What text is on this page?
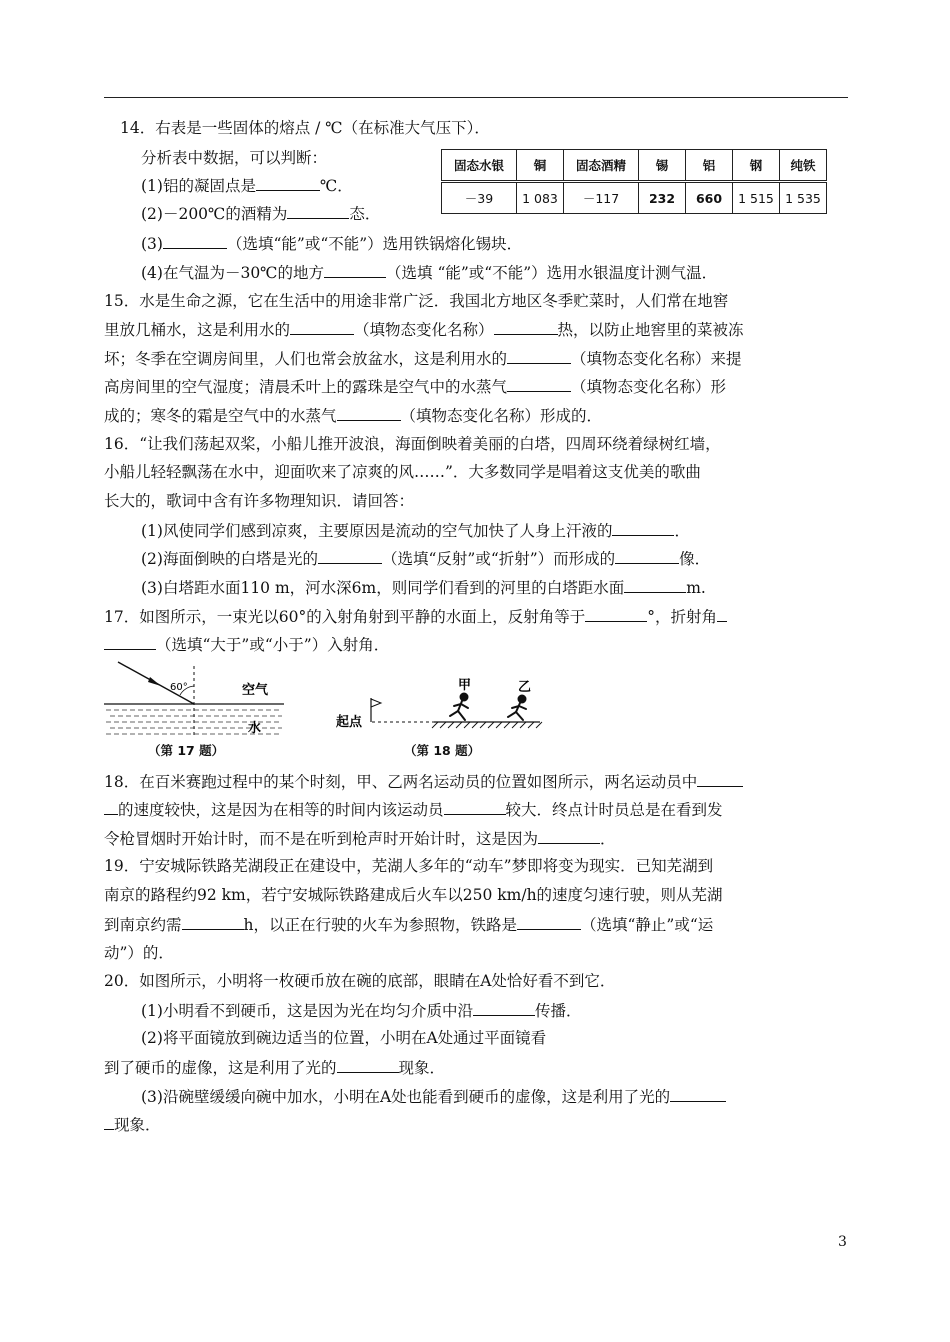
14．右表是一些固体的熔点 / ℃（在标准大气压下）．
分析表中数据，可以判断：
(1)铝的凝固点是	℃．
(2)－200℃的酒精为	态．
(3)	（选填“能”或“不能”）选用铁锅熔化锡块．
(4)在气温为－30℃的地方	（选填 “能”或“不能”）选用水银温度计测气温．
固态水银	铜	固态酒精	锡	铝	钢	纯铁
－39	1 083	－117	232	660	1 515	1 535
15．水是生命之源，它在生活中的用途非常广泛．我国北方地区冬季贮菜时，人们常在地窖
里放几桶水，这是利用水的	（填物态变化名称）	热，以防止地窖里的菜被冻
坏；冬季在空调房间里，人们也常会放盆水，这是利用水的	（填物态变化名称）来提
高房间里的空气湿度；清晨禾叶上的露珠是空气中的水蒸气	（填物态变化名称）形
成的；寒冬的霜是空气中的水蒸气	（填物态变化名称）形成的．
16．“让我们荡起双桨，小船儿推开波浪，海面倒映着美丽的白塔，四周环绕着绿树红墙，
小船儿轻轻飘荡在水中，迎面吹来了凉爽的风……”．大多数同学是唱着这支优美的歌曲
长大的，歌词中含有许多物理知识．请回答：
(1)风使同学们感到凉爽，主要原因是流动的空气加快了人身上汗液的	．
(2)海面倒映的白塔是光的	（选填“反射”或“折射”）而形成的	像．
(3)白塔距水面110 m，河水深6m，则同学们看到的河里的白塔距水面	m.
17．如图所示，一束光以60°的入射角射到平静的水面上，反射角等于	°，折射角
（选填“大于”或“小于”）入射角．
60°	空气
水
（第 17 题）
起点
甲	乙
（第 18 题）
18．在百米赛跑过程中的某个时刻，甲、乙两名运动员的位置如图所示，两名运动员中
的速度较快，这是因为在相等的时间内该运动员	较大．终点计时员总是在看到发
令枪冒烟时开始计时，而不是在听到枪声时开始计时，这是因为	．
19．宁安城际铁路芜湖段正在建设中，芜湖人多年的“动车”梦即将变为现实．已知芜湖到
南京的路程约92 km，若宁安城际铁路建成后火车以250 km/h的速度匀速行驶，则从芜湖
到南京约需	h，以正在行驶的火车为参照物，铁路是	（选填“静止”或“运
动”）的．
20．如图所示，小明将一枚硬币放在碗的底部，眼睛在A处恰好看不到它．
(1)小明看不到硬币，这是因为光在均匀介质中沿	传播．
(2)将平面镜放到碗边适当的位置，小明在A处通过平面镜看
到了硬币的虚像，这是利用了光的	现象．
(3)沿碗壁缓缓向碗中加水，小明在A处也能看到硬币的虚像，这是利用了光的
现象．
3
